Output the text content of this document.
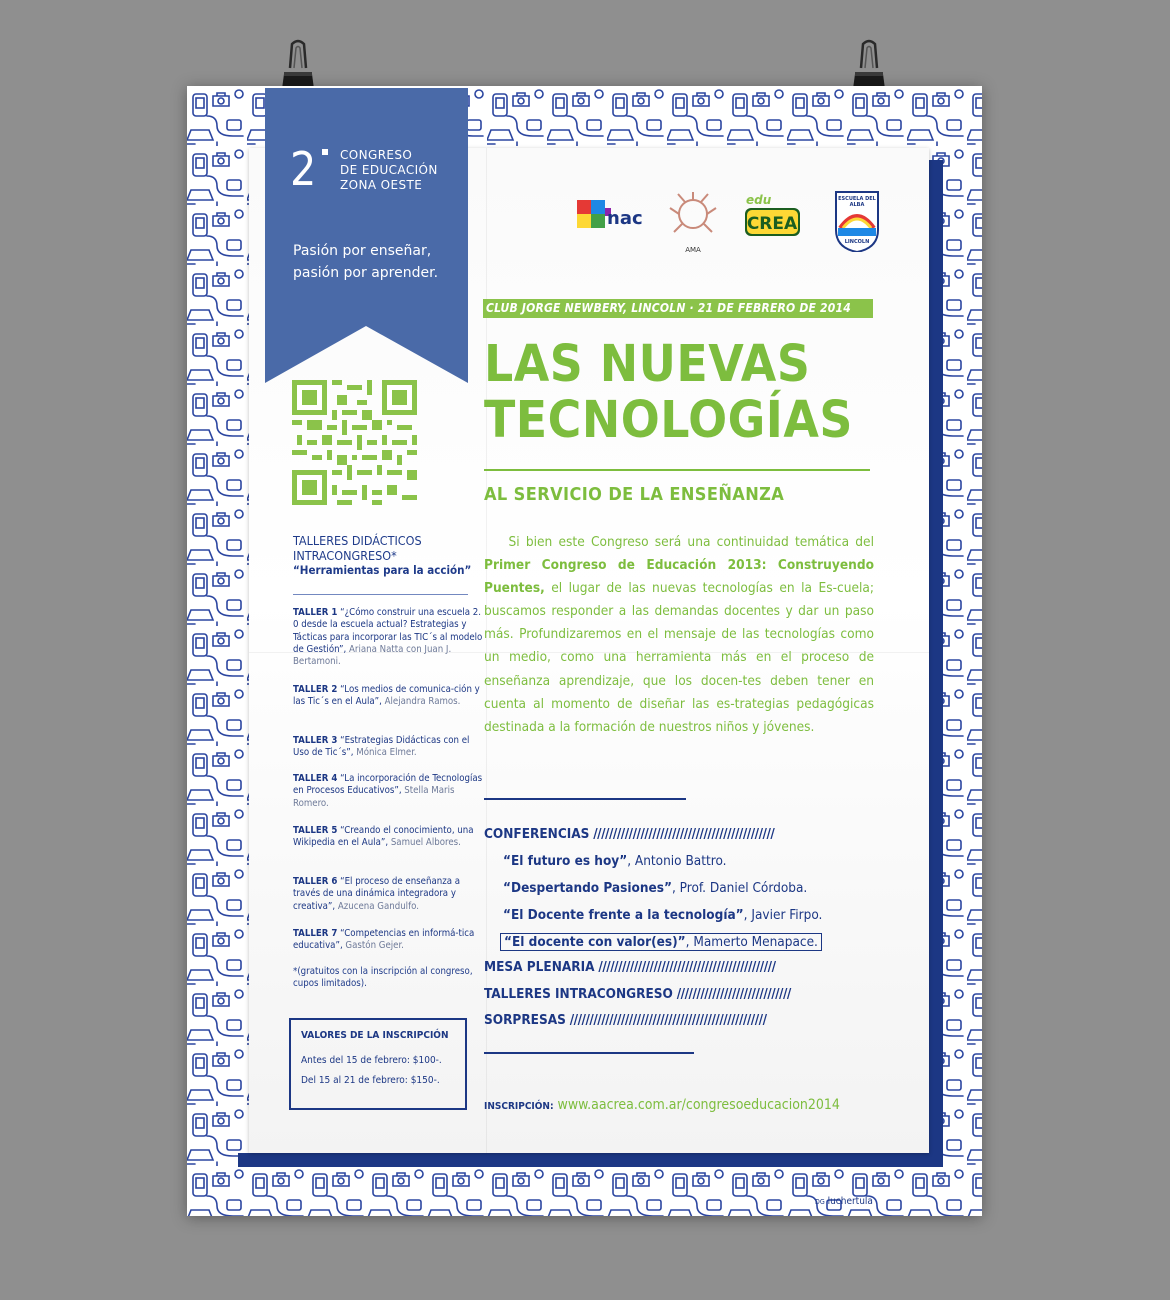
2 CONGRESO
DE EDUCACIÓN
ZONA OESTE
Pasión por enseñar,
pasión por aprender.
TALLERES DIDÁCTICOS
INTRACONGRESO*
“Herramientas para la acción”
TALLER 1 “¿Cómo construir una escuela 2. 0 desde la escuela actual? Estrategias y Tácticas para incorporar las TIC´s al modelo de Gestión”, Ariana Natta con Juan J. Bertamoni.
TALLER 2 “Los medios de comunica-ción y las Tic´s en el Aula”, Alejandra Ramos.
TALLER 3 “Estrategias Didácticas con el Uso de Tic´s”, Mónica Elmer.
TALLER 4 “La incorporación de Tecnologías en Procesos Educativos”, Stella Maris Romero.
TALLER 5 “Creando el conocimiento, una Wikipedia en el Aula”, Samuel Albores.
TALLER 6 “El proceso de enseñanza a través de una dinámica integradora y creativa”, Azucena Gandulfo.
TALLER 7 “Competencias en informá-tica educativa”, Gastón Gejer.
*(gratuitos con la inscripción al congreso, cupos limitados).
VALORES DE LA INSCRIPCIÓN
Antes del 15 de febrero: $100-.
Del 15 al 21 de febrero: $150-.
nac
AMA
edu
CREA
ESCUELA DEL
ALBA
LINCOLN
CLUB JORGE NEWBERY, LINCOLN · 21 DE FEBRERO DE 2014
LAS NUEVAS
TECNOLOGÍAS
AL SERVICIO DE LA ENSEÑANZA
  Si bien este Congreso será una continuidad temática del Primer Congreso de Educación 2013: Construyendo Puentes, el lugar de las nuevas tecnologías en la Es-cuela; buscamos responder a las demandas docentes y dar un paso más. Profundizaremos en el mensaje de las tecnologías como un medio, como una herramienta más en el proceso de enseñanza aprendizaje, que los docen-tes deben tener en cuenta al momento de diseñar las es-trategias pedagógicas destinada a la formación de nuestros niños y jóvenes.
CONFERENCIAS //////////////////////////////////////////////
“El futuro es hoy”, Antonio Battro.
“Despertando Pasiones”, Prof. Daniel Córdoba.
“El Docente frente a la tecnología”, Javier Firpo.
“El docente con valor(es)”, Mamerto Menapace.
MESA PLENARIA /////////////////////////////////////////////
TALLERES INTRACONGRESO /////////////////////////////
SORPRESAS //////////////////////////////////////////////////
INSCRIPCIÓN: www.aacrea.com.ar/congresoeducacion2014
DG luchertula
